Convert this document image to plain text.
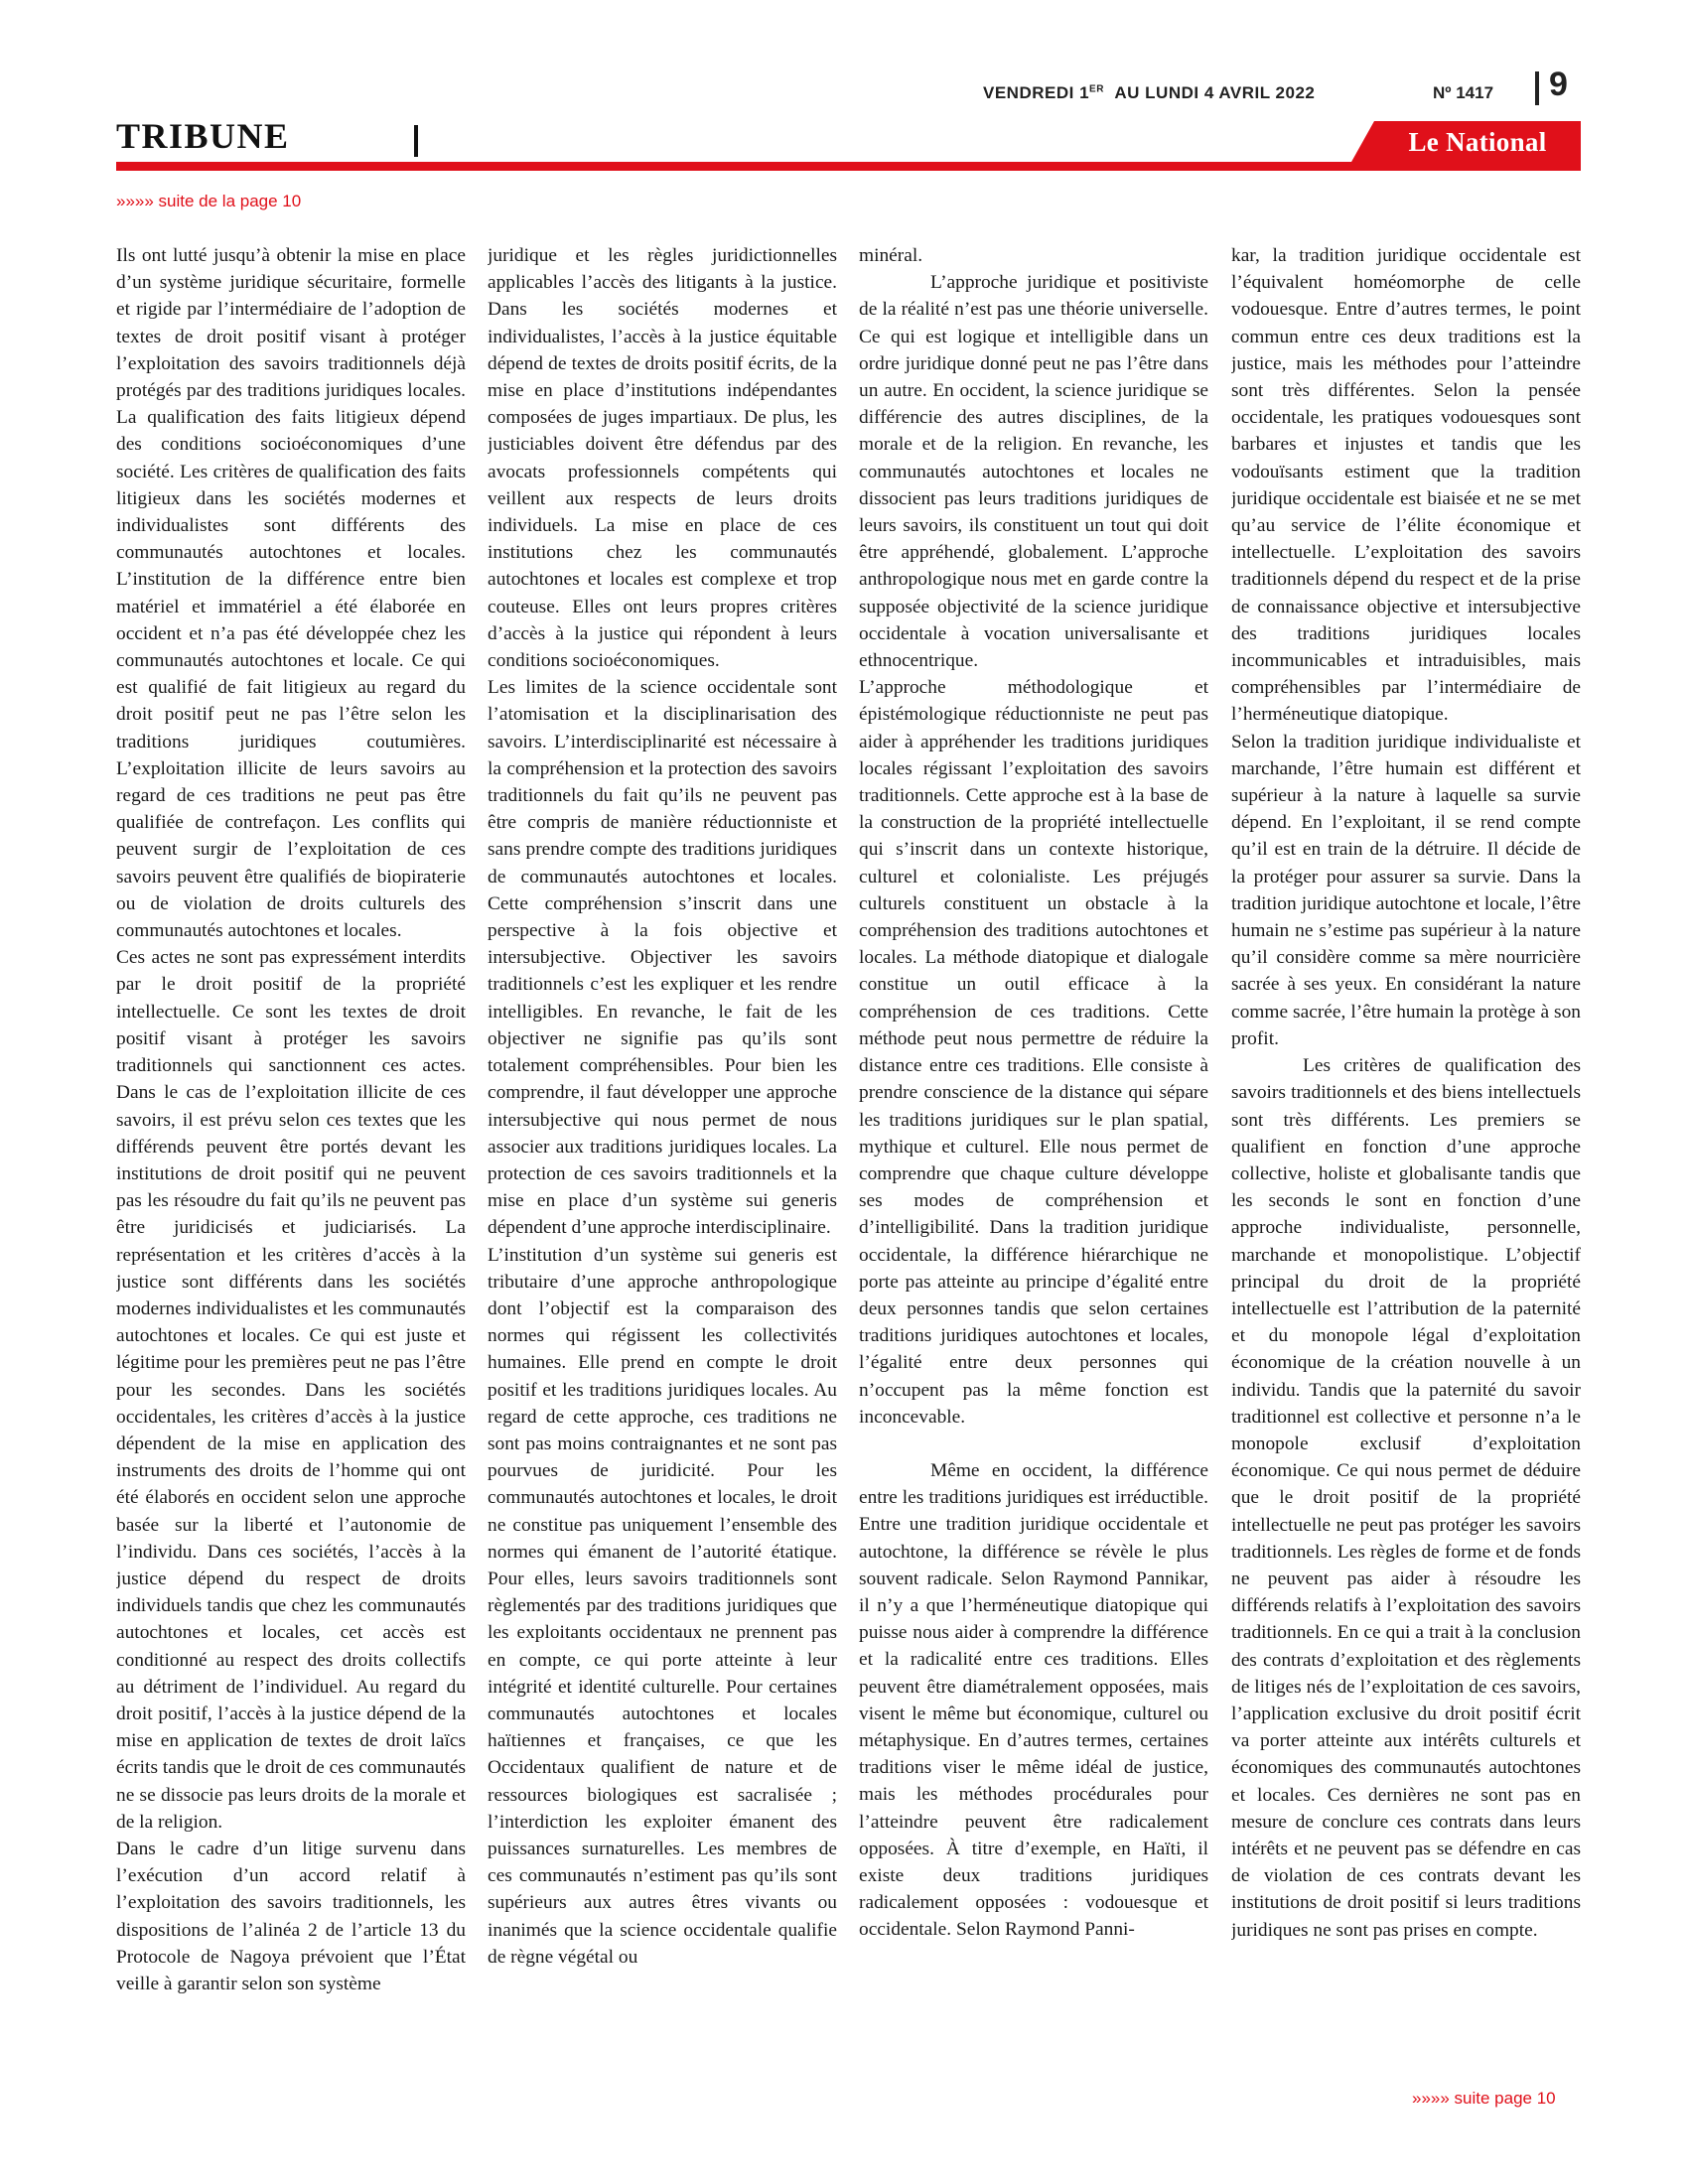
VENDREDI 1ER AU LUNDI 4 AVRIL 2022	Nº 1417 9
TRIBUNE	Le National
»»»» suite de la page 10

Ils ont lutté jusqu’à obtenir la mise en place d’un système juridique sécuritaire, formelle et rigide par l’intermédiaire de l’adoption de textes de droit positif visant à protéger l’exploitation des savoirs traditionnels déjà protégés par des traditions juridiques locales. La qualification des faits litigieux dépend des conditions socioéconomiques d’une société. Les critères de qualification des faits litigieux dans les sociétés modernes et individualistes sont différents des communautés autochtones et locales. L’institution de la différence entre bien matériel et immatériel a été élaborée en occident et n’a pas été développée chez les communautés autochtones et locale. Ce qui est qualifié de fait litigieux au regard du droit positif peut ne pas l’être selon les traditions juridiques coutumières. L’exploitation illicite de leurs savoirs au regard de ces traditions ne peut pas être qualifiée de contrefaçon. Les conflits qui peuvent surgir de l’exploitation de ces savoirs peuvent être qualifiés de biopiraterie ou de violation de droits culturels des communautés autochtones et locales.

Ces actes ne sont pas expressément interdits par le droit positif de la propriété intellectuelle. Ce sont les textes de droit positif visant à protéger les savoirs traditionnels qui sanctionnent ces actes. Dans le cas de l’exploitation illicite de ces savoirs, il est prévu selon ces textes que les différends peuvent être portés devant les institutions de droit positif qui ne peuvent pas les résoudre du fait qu’ils ne peuvent pas être juridicisés et judiciarisés. La représentation et les critères d’accès à la justice sont différents dans les sociétés modernes individualistes et les communautés autochtones et locales. Ce qui est juste et légitime pour les premières peut ne pas l’être pour les secondes. Dans les sociétés occidentales, les critères d’accès à la justice dépendent de la mise en application des instruments des droits de l’homme qui ont été élaborés en occident selon une approche basée sur la liberté et l’autonomie de l’individu. Dans ces sociétés, l’accès à la justice dépend du respect de droits individuels tandis que chez les communautés autochtones et locales, cet accès est conditionné au respect des droits collectifs au détriment de l’individuel. Au regard du droit positif, l’accès à la justice dépend de la mise en application de textes de droit laïcs écrits tandis que le droit de ces communautés ne se dissocie pas leurs droits de la morale et de la religion.

Dans le cadre d’un litige survenu dans l’exécution d’un accord relatif à l’exploitation des savoirs traditionnels, les dispositions de l’alinéa 2 de l’article 13 du Protocole de Nagoya prévoient que l’État veille à garantir selon son système

juridique et les règles juridictionnelles applicables l’accès des litigants à la justice. Dans les sociétés modernes et individualistes, l’accès à la justice équitable dépend de textes de droits positif écrits, de la mise en place d’institutions indépendantes composées de juges impartiaux. De plus, les justiciables doivent être défendus par des avocats professionnels compétents qui veillent aux respects de leurs droits individuels. La mise en place de ces institutions chez les communautés autochtones et locales est complexe et trop couteuse. Elles ont leurs propres critères d’accès à la justice qui répondent à leurs conditions socioéconomiques.

Les limites de la science occidentale sont l’atomisation et la disciplinarisation des savoirs. L’interdisciplinarité est nécessaire à la compréhension et la protection des savoirs traditionnels du fait qu’ils ne peuvent pas être compris de manière réductionniste et sans prendre compte des traditions juridiques de communautés autochtones et locales. Cette compréhension s’inscrit dans une perspective à la fois objective et intersubjective. Objectiver les savoirs traditionnels c’est les expliquer et les rendre intelligibles. En revanche, le fait de les objectiver ne signifie pas qu’ils sont totalement compréhensibles. Pour bien les comprendre, il faut développer une approche intersubjective qui nous permet de nous associer aux traditions juridiques locales. La protection de ces savoirs traditionnels et la mise en place d’un système sui generis dépendent d’une approche interdisciplinaire.

L’institution d’un système sui generis est tributaire d’une approche anthropologique dont l’objectif est la comparaison des normes qui régissent les collectivités humaines. Elle prend en compte le droit positif et les traditions juridiques locales. Au regard de cette approche, ces traditions ne sont pas moins contraignantes et ne sont pas pourvues de juridicité. Pour les communautés autochtones et locales, le droit ne constitue pas uniquement l’ensemble des normes qui émanent de l’autorité étatique. Pour elles, leurs savoirs traditionnels sont règlementés par des traditions juridiques que les exploitants occidentaux ne prennent pas en compte, ce qui porte atteinte à leur intégrité et identité culturelle. Pour certaines communautés autochtones et locales haïtiennes et françaises, ce que les Occidentaux qualifient de nature et de ressources biologiques est sacralisée ; l’interdiction les exploiter émanent des puissances surnaturelles. Les membres de ces communautés n’estiment pas qu’ils sont supérieurs aux autres êtres vivants ou inanimés que la science occidentale qualifie de règne végétal ou

minéral.

L’approche juridique et positiviste de la réalité n’est pas une théorie universelle. Ce qui est logique et intelligible dans un ordre juridique donné peut ne pas l’être dans un autre. En occident, la science juridique se différencie des autres disciplines, de la morale et de la religion. En revanche, les communautés autochtones et locales ne dissocient pas leurs traditions juridiques de leurs savoirs, ils constituent un tout qui doit être appréhendé, globalement. L’approche anthropologique nous met en garde contre la supposée objectivité de la science juridique occidentale à vocation universalisante et ethnocentrique.

L’approche méthodologique et épistémologique réductionniste ne peut pas aider à appréhender les traditions juridiques locales régissant l’exploitation des savoirs traditionnels. Cette approche est à la base de la construction de la propriété intellectuelle qui s’inscrit dans un contexte historique, culturel et colonialiste. Les préjugés culturels constituent un obstacle à la compréhension des traditions autochtones et locales. La méthode diatopique et dialogale constitue un outil efficace à la compréhension de ces traditions. Cette méthode peut nous permettre de réduire la distance entre ces traditions. Elle consiste à prendre conscience de la distance qui sépare les traditions juridiques sur le plan spatial, mythique et culturel. Elle nous permet de comprendre que chaque culture développe ses modes de compréhension et d’intelligibilité. Dans la tradition juridique occidentale, la différence hiérarchique ne porte pas atteinte au principe d’égalité entre deux personnes tandis que selon certaines traditions juridiques autochtones et locales, l’égalité entre deux personnes qui n’occupent pas la même fonction est inconcevable.

Même en occident, la différence entre les traditions juridiques est irréductible. Entre une tradition juridique occidentale et autochtone, la différence se révèle le plus souvent radicale. Selon Raymond Pannikar, il n’y a que l’herméneutique diatopique qui puisse nous aider à comprendre la différence et la radicalité entre ces traditions. Elles peuvent être diamétralement opposées, mais visent le même but économique, culturel ou métaphysique. En d’autres termes, certaines traditions viser le même idéal de justice, mais les méthodes procédurales pour l’atteindre peuvent être radicalement opposées. À titre d’exemple, en Haïti, il existe deux traditions juridiques radicalement opposées : vodouesque et occidentale. Selon Raymond Panni-

kar, la tradition juridique occidentale est l’équivalent homéomorphe de celle vodouesque. Entre d’autres termes, le point commun entre ces deux traditions est la justice, mais les méthodes pour l’atteindre sont très différentes. Selon la pensée occidentale, les pratiques vodouesques sont barbares et injustes et tandis que les vodouïsants estiment que la tradition juridique occidentale est biaisée et ne se met qu’au service de l’élite économique et intellectuelle. L’exploitation des savoirs traditionnels dépend du respect et de la prise de connaissance objective et intersubjective des traditions juridiques locales incommunicables et intraduisibles, mais compréhensibles par l’intermédiaire de l’herméneutique diatopique.

Selon la tradition juridique individualiste et marchande, l’être humain est différent et supérieur à la nature à laquelle sa survie dépend. En l’exploitant, il se rend compte qu’il est en train de la détruire. Il décide de la protéger pour assurer sa survie. Dans la tradition juridique autochtone et locale, l’être humain ne s’estime pas supérieur à la nature qu’il considère comme sa mère nourricière sacrée à ses yeux. En considérant la nature comme sacrée, l’être humain la protège à son profit.

Les critères de qualification des savoirs traditionnels et des biens intellectuels sont très différents. Les premiers se qualifient en fonction d’une approche collective, holiste et globalisante tandis que les seconds le sont en fonction d’une approche individualiste, personnelle, marchande et monopolistique. L’objectif principal du droit de la propriété intellectuelle est l’attribution de la paternité et du monopole légal d’exploitation économique de la création nouvelle à un individu. Tandis que la paternité du savoir traditionnel est collective et personne n’a le monopole exclusif d’exploitation économique. Ce qui nous permet de déduire que le droit positif de la propriété intellectuelle ne peut pas protéger les savoirs traditionnels. Les règles de forme et de fonds ne peuvent pas aider à résoudre les différends relatifs à l’exploitation des savoirs traditionnels. En ce qui a trait à la conclusion des contrats d’exploitation et des règlements de litiges nés de l’exploitation de ces savoirs, l’application exclusive du droit positif écrit va porter atteinte aux intérêts culturels et économiques des communautés autochtones et locales. Ces dernières ne sont pas en mesure de conclure ces contrats dans leurs intérêts et ne peuvent pas se défendre en cas de violation de ces contrats devant les institutions de droit positif si leurs traditions juridiques ne sont pas prises en compte.

»»»» suite page 10
